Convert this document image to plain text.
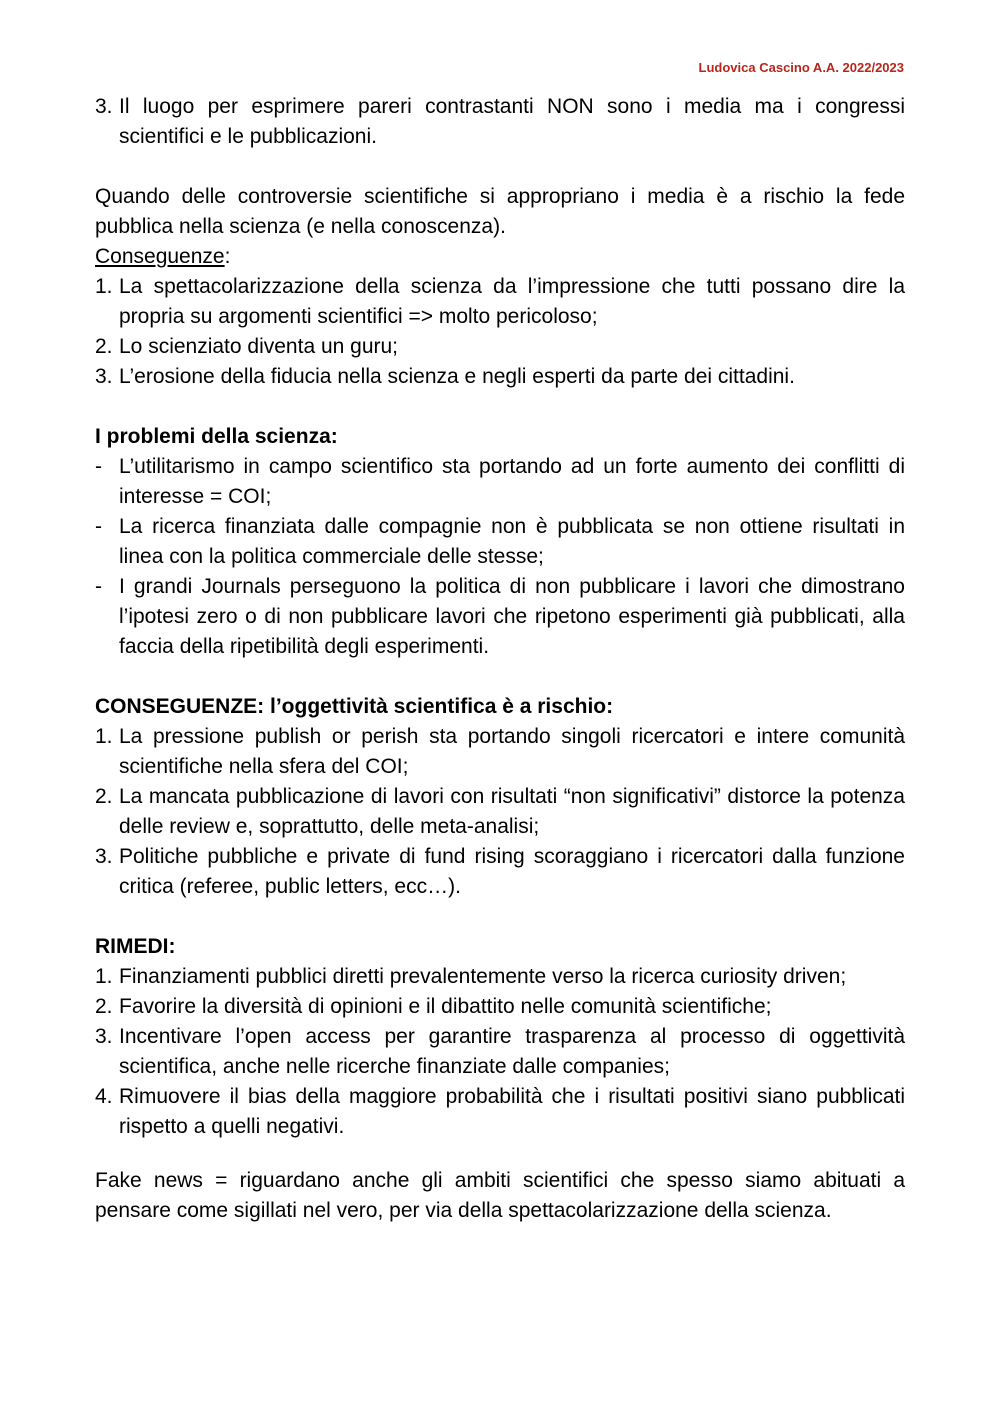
Ludovica Cascino A.A. 2022/2023
3. Il luogo per esprimere pareri contrastanti NON sono i media ma i congressi scientifici e le pubblicazioni.

Quando delle controversie scientifiche si appropriano i media è a rischio la fede pubblica nella scienza (e nella conoscenza).

Conseguenze:

1. La spettacolarizzazione della scienza da l’impressione che tutti possano dire la propria su argomenti scientifici => molto pericoloso;
2. Lo scienziato diventa un guru;
3. L’erosione della fiducia nella scienza e negli esperti da parte dei cittadini.

I problemi della scienza:

- L’utilitarismo in campo scientifico sta portando ad un forte aumento dei conflitti di interesse = COI;
- La ricerca finanziata dalle compagnie non è pubblicata se non ottiene risultati in linea con la politica commerciale delle stesse;
- I grandi Journals perseguono la politica di non pubblicare i lavori che dimostrano l’ipotesi zero o di non pubblicare lavori che ripetono esperimenti già pubblicati, alla faccia della ripetibilità degli esperimenti.

CONSEGUENZE: l’oggettività scientifica è a rischio:

1. La pressione publish or perish sta portando singoli ricercatori e intere comunità scientifiche nella sfera del COI;
2. La mancata pubblicazione di lavori con risultati “non significativi” distorce la potenza delle review e, soprattutto, delle meta-analisi;
3. Politiche pubbliche e private di fund rising scoraggiano i ricercatori dalla funzione critica (referee, public letters, ecc…).

RIMEDI:

1. Finanziamenti pubblici diretti prevalentemente verso la ricerca curiosity driven;
2. Favorire la diversità di opinioni e il dibattito nelle comunità scientifiche;
3. Incentivare l’open access per garantire trasparenza al processo di oggettività scientifica, anche nelle ricerche finanziate dalle companies;
4. Rimuovere il bias della maggiore probabilità che i risultati positivi siano pubblicati rispetto a quelli negativi.

Fake news = riguardano anche gli ambiti scientifici che spesso siamo abituati a pensare come sigillati nel vero, per via della spettacolarizzazione della scienza.
